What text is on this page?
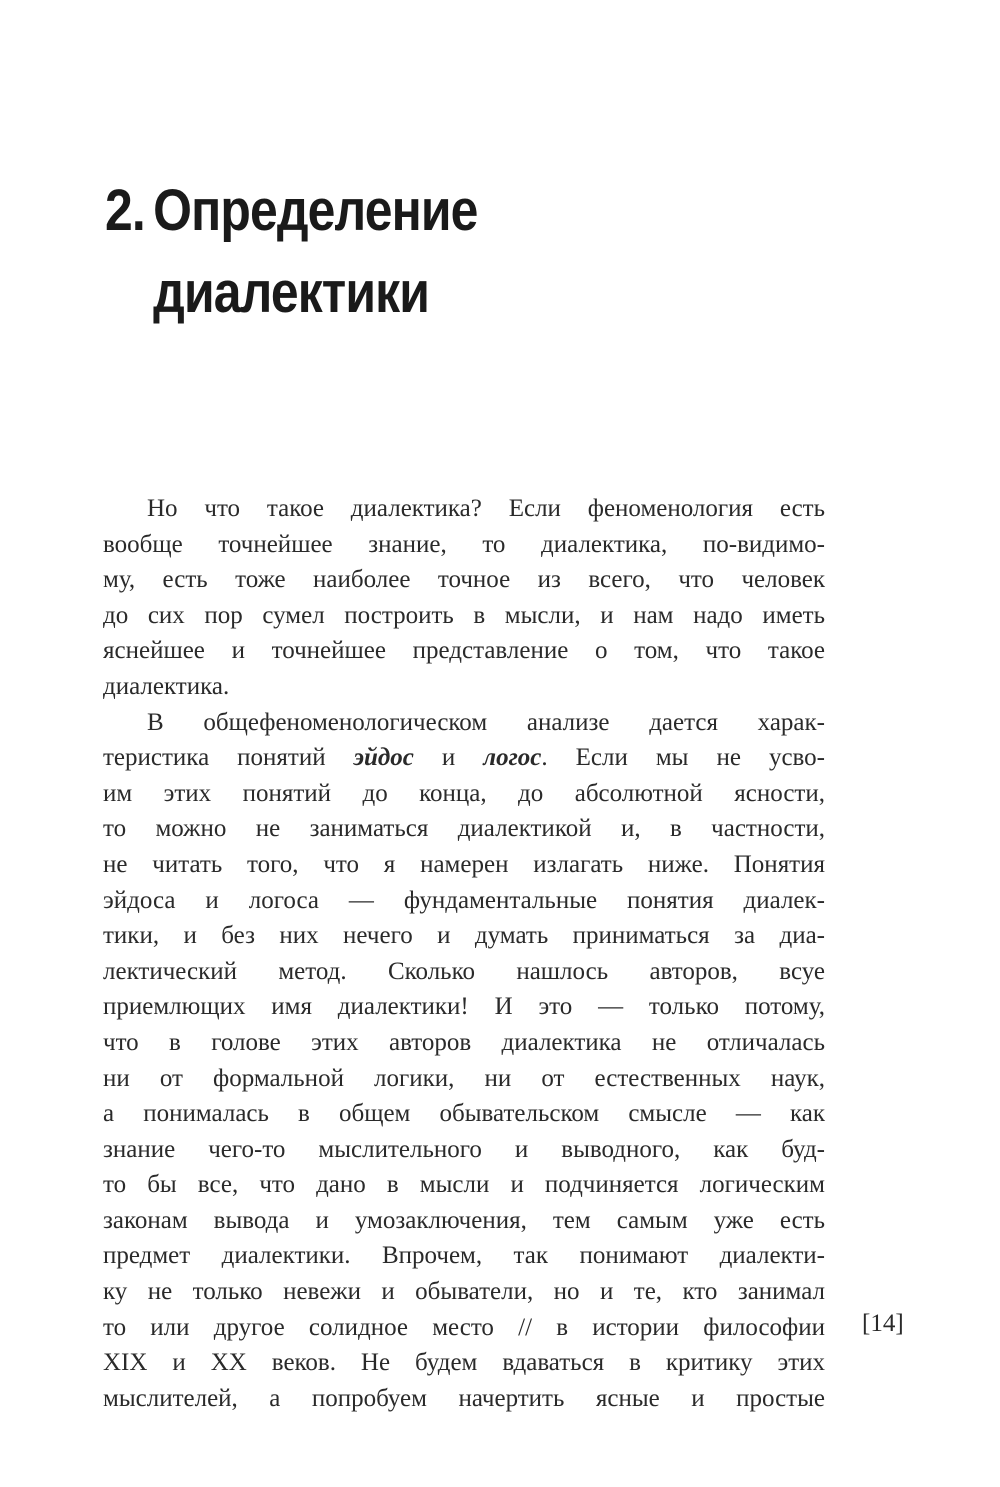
2. Определение
диалектики

Но что такое диалектика? Если феноменология есть
вообще точнейшее знание, то диалектика, по-видимо-
му, есть тоже наиболее точное из всего, что человек
до сих пор сумел построить в мысли, и нам надо иметь
яснейшее и точнейшее представление о том, что такое
диалектика.

В общефеноменологическом анализе дается харак-
теристика понятий эйдос и логос. Если мы не усво-
им этих понятий до конца, до абсолютной ясности,
то можно не заниматься диалектикой и, в частности,
не читать того, что я намерен излагать ниже. Понятия
эйдоса и логоса — фундаментальные понятия диалек-
тики, и без них нечего и думать приниматься за диа-
лектический метод. Сколько нашлось авторов, всуе
приемлющих имя диалектики! И это — только потому,
что в голове этих авторов диалектика не отличалась
ни от формальной логики, ни от естественных наук,
а понималась в общем обывательском смысле — как
знание чего-то мыслительного и выводного, как буд-
то бы все, что дано в мысли и подчиняется логическим
законам вывода и умозаключения, тем самым уже есть
предмет диалектики. Впрочем, так понимают диалекти-
ку не только невежи и обыватели, но и те, кто занимал
то или другое солидное место // в истории философии
XIX и XX веков. Не будем вдаваться в критику этих
мыслителей, а попробуем начертить ясные и простые

[14]
